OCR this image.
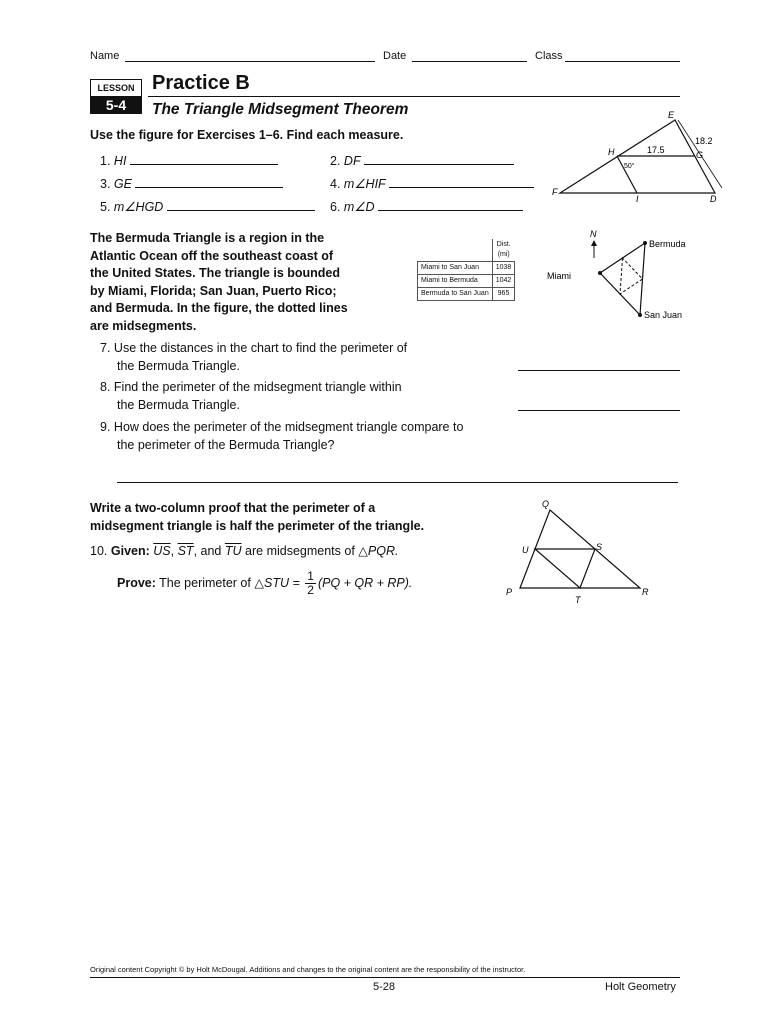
Name	Date	Class
LESSON
5-4
Practice B
The Triangle Midsegment Theorem
Use the figure for Exercises 1–6. Find each measure.
1. HI	2. DF
3. GE	4. m∠HIF
5. m∠HGD	6. m∠D
E
H	G
F
I	D
17.5
18.2
50°
The Bermuda Triangle is a region in the
Atlantic Ocean off the southeast coast of
the United States. The triangle is bounded
by Miami, Florida; San Juan, Puerto Rico;
and Bermuda. In the figure, the dotted lines
are midsegments.
	Dist.
(mi)
Miami to San Juan	1038
Miami to Bermuda	1042
Bermuda to San Juan	965
N
Bermuda
Miami
San Juan
7. Use the distances in the chart to find the perimeter of
the Bermuda Triangle.
8. Find the perimeter of the midsegment triangle within
the Bermuda Triangle.
9. How does the perimeter of the midsegment triangle compare to
the perimeter of the Bermuda Triangle?
Write a two-column proof that the perimeter of a
midsegment triangle is half the perimeter of the triangle.
10. Given: $\overline{US}$, $\overline{ST}$, and $\overline{TU}$ are midsegments of △PQR.
Prove: The perimeter of △STU = $\frac{1}{2} (PQ$ + QR + RP).
Q
U	S
P
T
R
Original content Copyright © by Holt McDougal. Additions and changes to the original content are the responsibility of the instructor.
5-28	Holt Geometry
